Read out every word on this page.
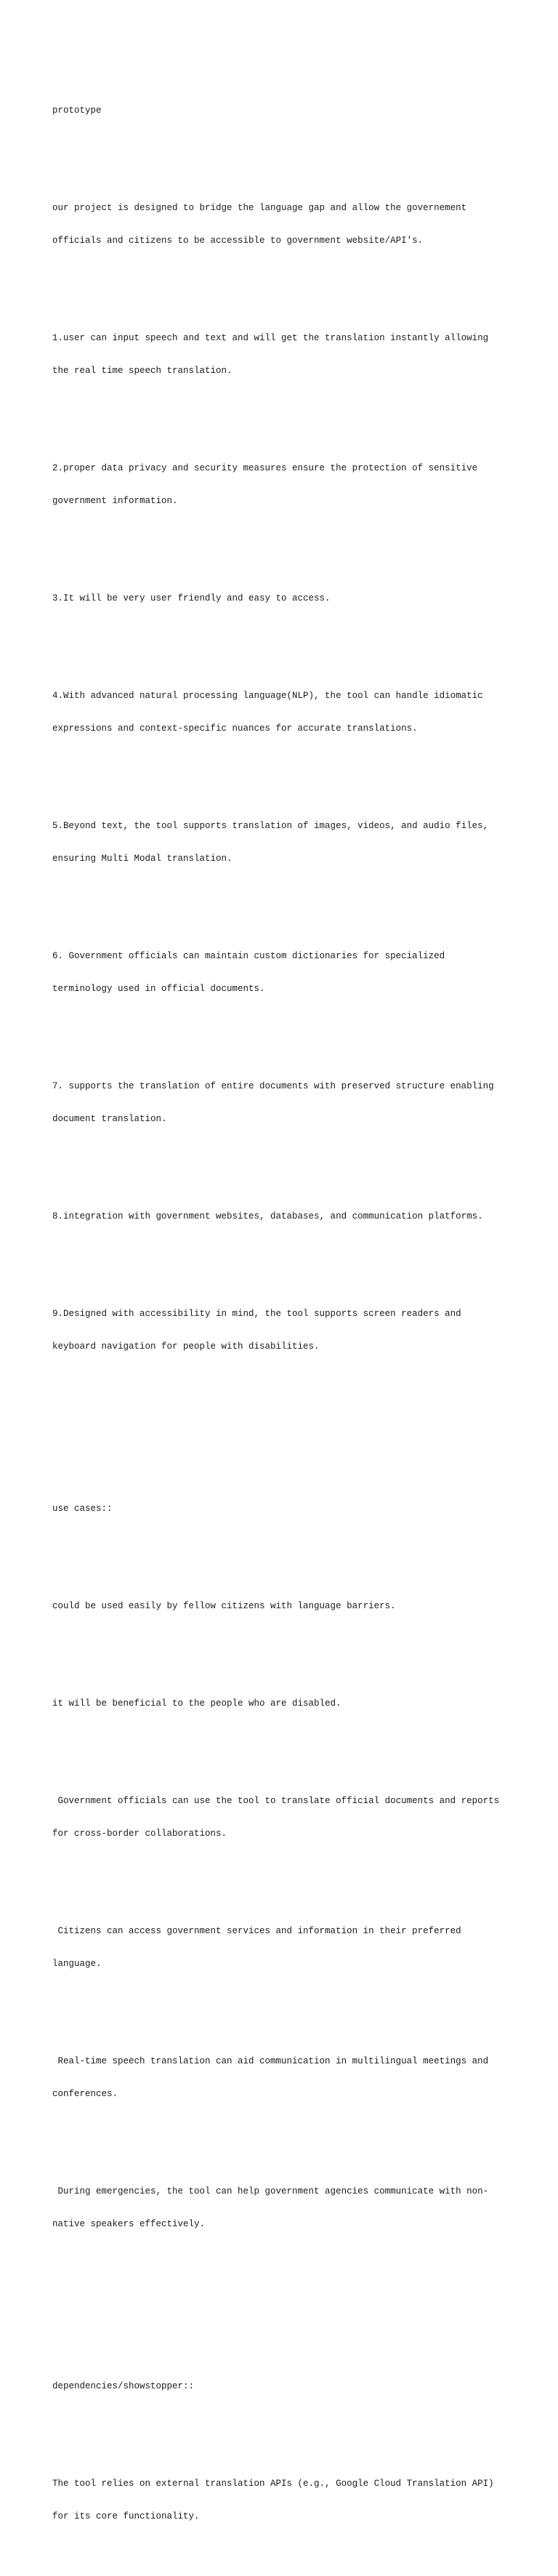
prototype

our project is designed to bridge the language gap and allow the governement

officials and citizens to be accessible to government website/API's.

1.user can input speech and text and will get the translation instantly allowing

the real time speech translation.

2.proper data privacy and security measures ensure the protection of sensitive

government information.

3.It will be very user friendly and easy to access.

4.With advanced natural processing language(NLP), the tool can handle idiomatic

expressions and context-specific nuances for accurate translations.

5.Beyond text, the tool supports translation of images, videos, and audio files,

ensuring Multi Modal translation.

6. Government officials can maintain custom dictionaries for specialized

terminology used in official documents.

7. supports the translation of entire documents with preserved structure enabling

document translation.

8.integration with government websites, databases, and communication platforms.

9.Designed with accessibility in mind, the tool supports screen readers and

keyboard navigation for people with disabilities.

use cases::

could be used easily by fellow citizens with language barriers.

it will be beneficial to the people who are disabled.

Government officials can use the tool to translate official documents and reports

for cross-border collaborations.

Citizens can access government services and information in their preferred

language.

Real-time speech translation can aid communication in multilingual meetings and

conferences.

During emergencies, the tool can help government agencies communicate with non-

native speakers effectively.

dependencies/showstopper::

The tool relies on external translation APIs (e.g., Google Cloud Translation API)

for its core functionality.
